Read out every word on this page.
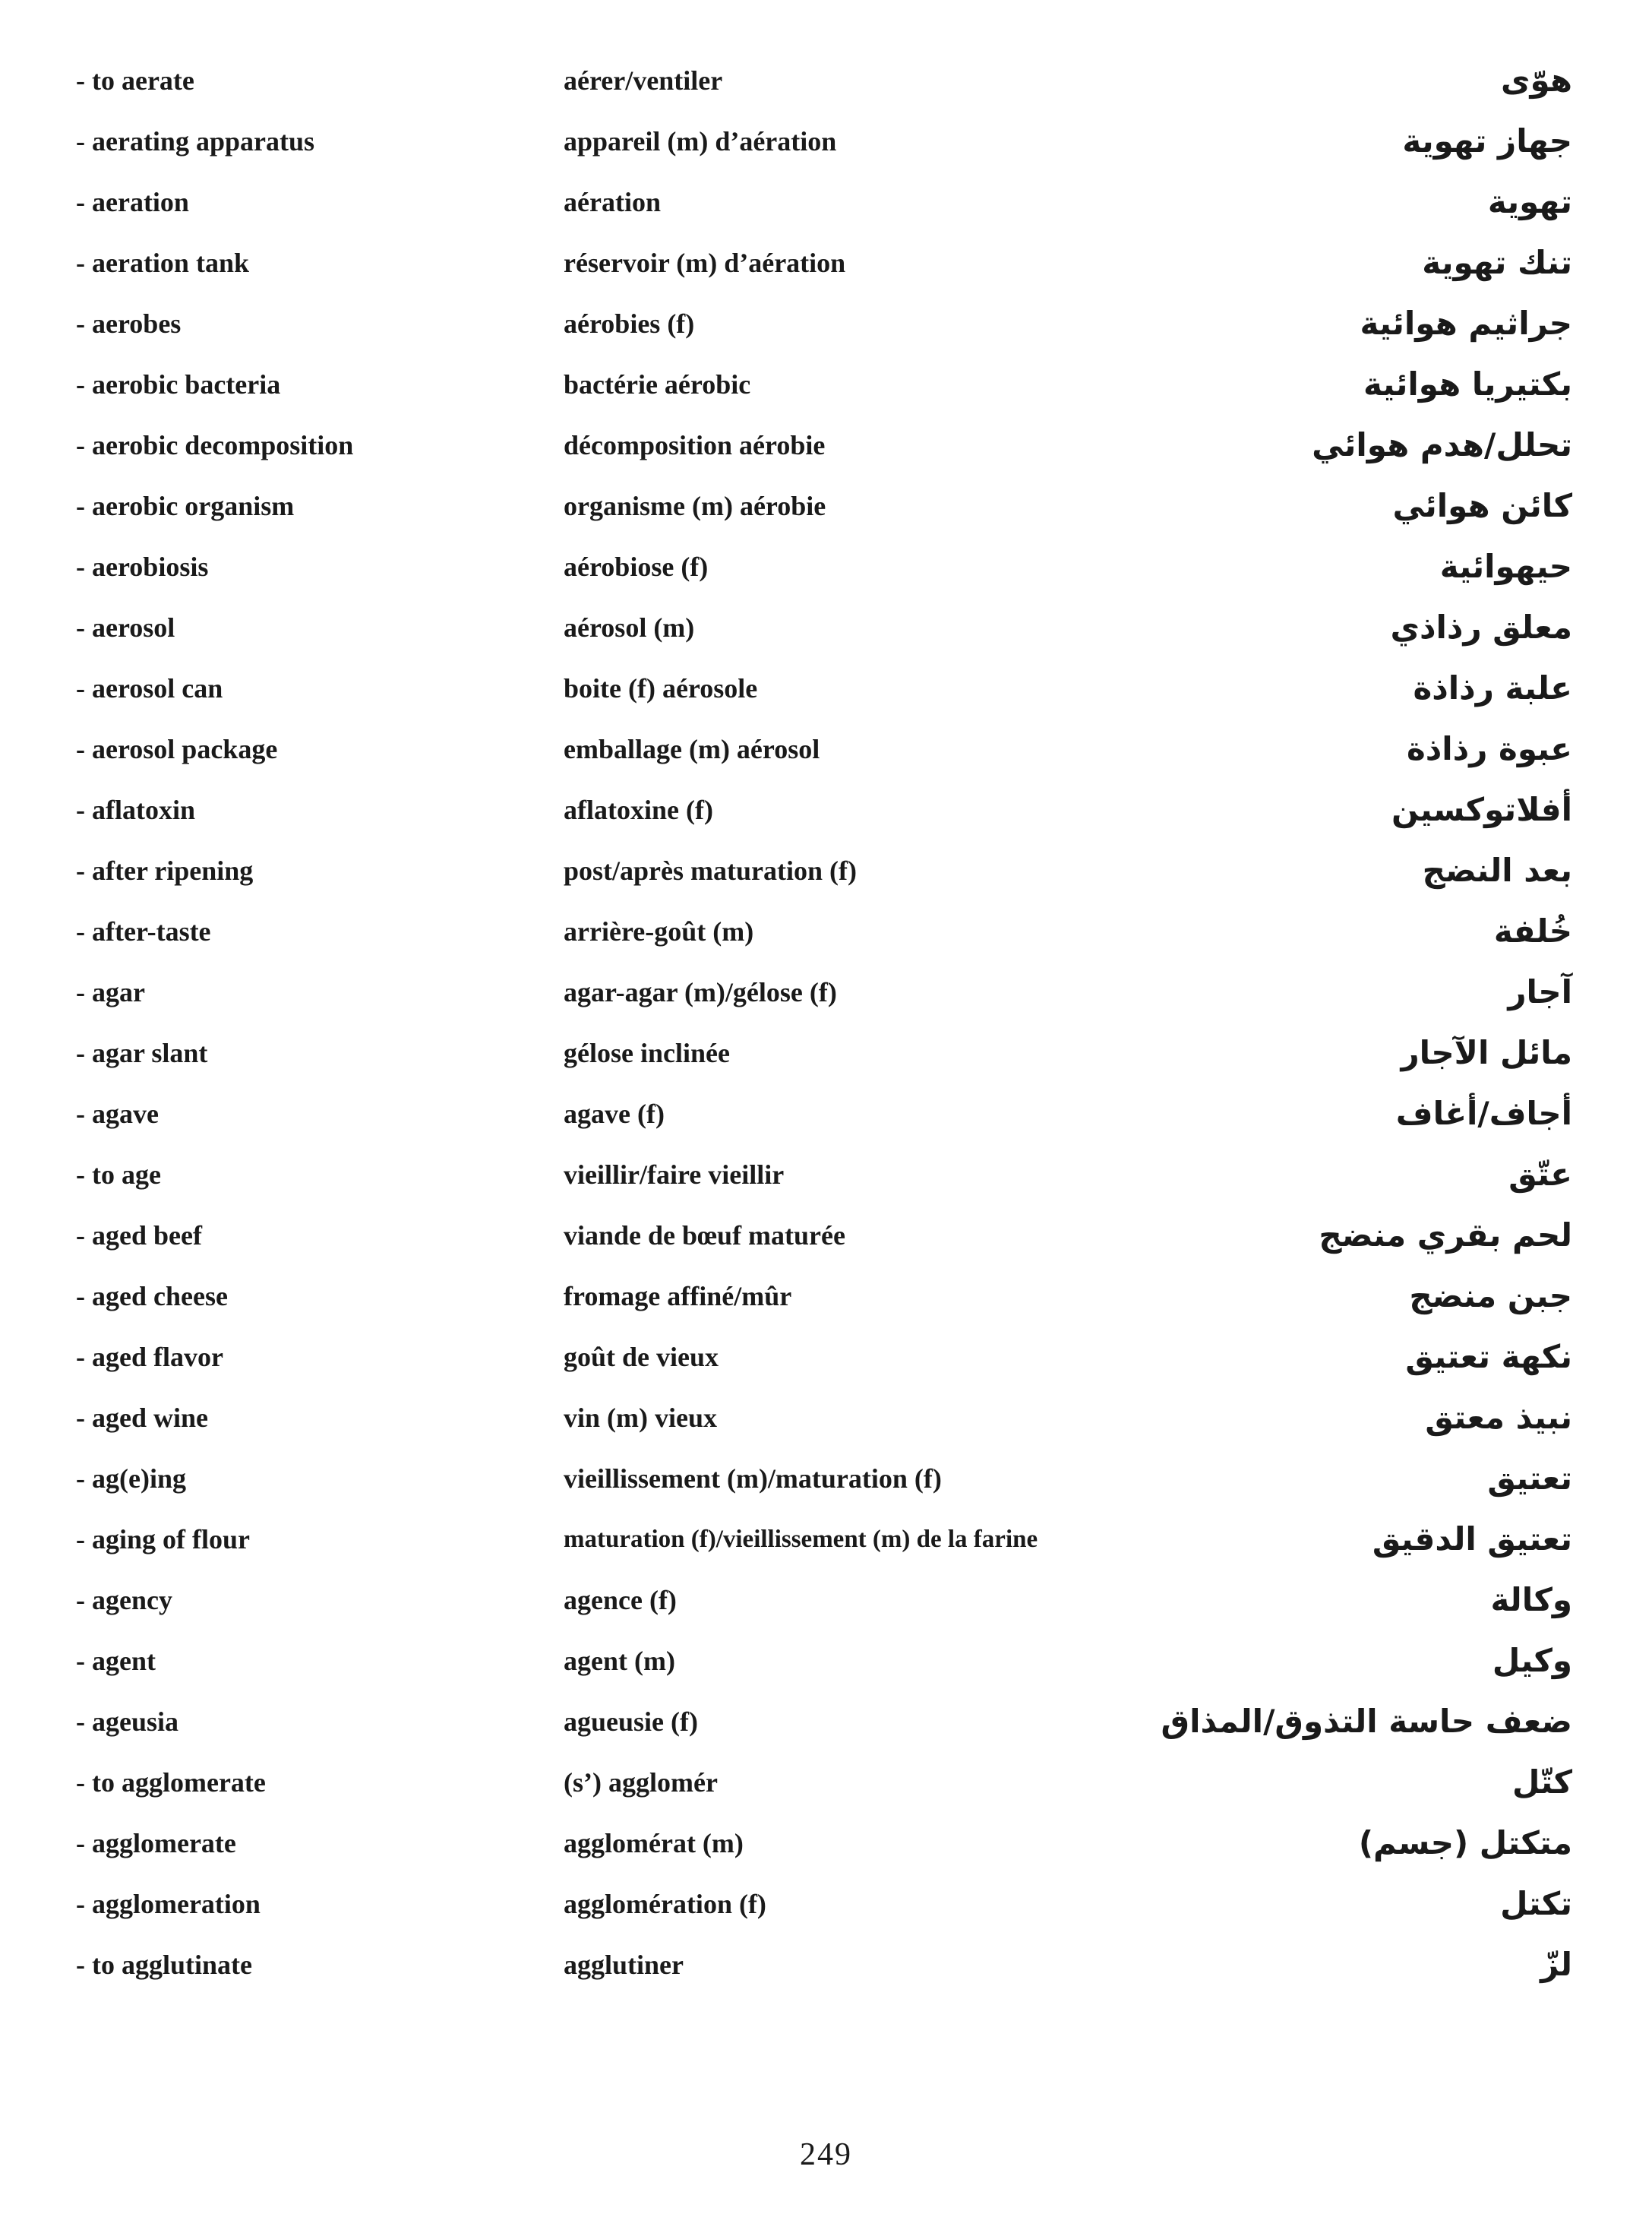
- to aerate	aérer/ventiler	هوّى
- aerating apparatus	appareil (m) d’aération	جهاز تهوية
- aeration	aération	تهوية
- aeration tank	réservoir (m) d’aération	تنك تهوية
- aerobes	aérobies (f)	جراثيم هوائية
- aerobic bacteria	bactérie aérobic	بكتيريا هوائية
- aerobic decomposition	décomposition aérobie	تحلل/هدم هوائي
- aerobic organism	organisme (m) aérobie	كائن هوائي
- aerobiosis	aérobiose (f)	حيهوائية
- aerosol	aérosol (m)	معلق رذاذي
- aerosol can	boite (f) aérosole	علبة رذاذة
- aerosol package	emballage (m) aérosol	عبوة رذاذة
- aflatoxin	aflatoxine (f)	أفلاتوكسين
- after ripening	post/après maturation (f)	بعد النضج
- after-taste	arrière-goût (m)	خُلفة
- agar	agar-agar (m)/gélose (f)	آجار
- agar slant	gélose inclinée	مائل الآجار
- agave	agave (f)	أجاف/أغاف
- to age	vieillir/faire vieillir	عتّق
- aged beef	viande de bœuf maturée	لحم بقري منضج
- aged cheese	fromage affiné/mûr	جبن منضج
- aged flavor	goût de vieux	نكهة تعتيق
- aged wine	vin (m) vieux	نبيذ معتق
- ag(e)ing	vieillissement (m)/maturation (f)	تعتيق
- aging of flour	maturation (f)/vieillissement (m) de la farine	تعتيق الدقيق
- agency	agence (f)	وكالة
- agent	agent (m)	وكيل
- ageusia	agueusie (f)	ضعف حاسة التذوق/المذاق
- to agglomerate	(s’) agglomér	كتّل
- agglomerate	agglomérat (m)	متكتل (جسم)
- agglomeration	agglomération (f)	تكتل
- to agglutinate	agglutiner	لزّ
249
